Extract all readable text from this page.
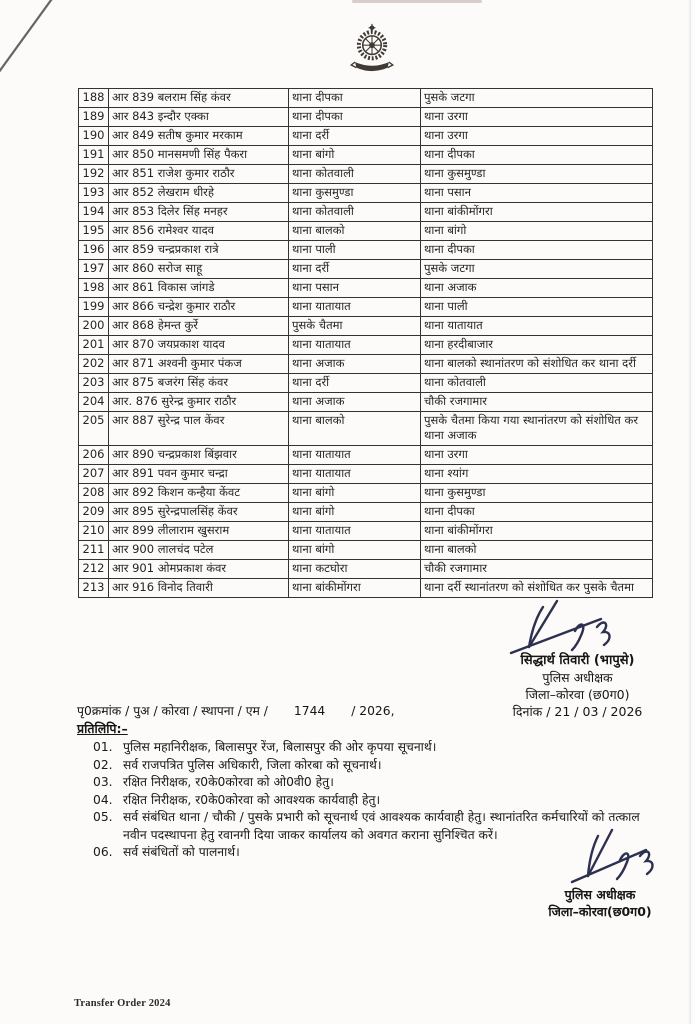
188	आर 839 बलराम सिंह कंवर	थाना दीपका	पुसके जटगा
189	आर 843 इन्दौर एक्का	थाना दीपका	थाना उरगा
190	आर 849 सतीष कुमार मरकाम	थाना दर्री	थाना उरगा
191	आर 850 मानसमणी सिंह पैकरा	थाना बांगो	थाना दीपका
192	आर 851 राजेश कुमार राठौर	थाना कोतवाली	थाना कुसमुण्डा
193	आर 852 लेखराम धीरहे	थाना कुसमुण्डा	थाना पसान
194	आर 853 दिलेर सिंह मनहर	थाना कोतवाली	थाना बांकीमोंगरा
195	आर 856 रामेश्वर यादव	थाना बालको	थाना बांगो
196	आर 859 चन्द्रप्रकाश रात्रे	थाना पाली	थाना दीपका
197	आर 860 सरोज साहू	थाना दर्री	पुसके जटगा
198	आर 861 विकास जांगडे	थाना पसान	थाना अजाक
199	आर 866 चन्द्रेश कुमार राठौर	थाना यातायात	थाना पाली
200	आर 868 हेमन्त कुर्रे	पुसके चैतमा	थाना यातायात
201	आर 870 जयप्रकाश यादव	थाना यातायात	थाना हरदीबाजार
202	आर 871 अश्वनी कुमार पंकज	थाना अजाक	थाना बालको स्थानांतरण को संशोधित कर थाना दर्री
203	आर 875 बजरंग सिंह कंवर	थाना दर्री	थाना कोतवाली
204	आर. 876 सुरेन्द्र कुमार राठौर	थाना अजाक	चौकी रजगामार
205	आर 887 सुरेन्द्र पाल केंवर	थाना बालको	पुसके चैतमा किया गया स्थानांतरण को संशोधित कर थाना अजाक
206	आर 890 चन्द्रप्रकाश बिंझवार	थाना यातायात	थाना उरगा
207	आर 891 पवन कुमार चन्द्रा	थाना यातायात	थाना श्यांग
208	आर 892 किशन कन्हैया केंवट	थाना बांगो	थाना कुसमुण्डा
209	आर 895 सुरेन्द्रपालसिंह केंवर	थाना बांगो	थाना दीपका
210	आर 899 लीलाराम खुसराम	थाना यातायात	थाना बांकीमोंगरा
211	आर 900 लालचंद पटेल	थाना बांगो	थाना बालको
212	आर 901 ओमप्रकाश कंवर	थाना कटघोरा	चौकी रजगामार
213	आर 916 विनोद तिवारी	थाना बांकीमोंगरा	थाना दर्री स्थानांतरण को संशोधित कर पुसके चैतमा
सिद्धार्थ तिवारी (भापुसे)
पुलिस अधीक्षक
जिला–कोरवा (छ0ग0)
दिनांक / 21 / 03 / 2026
पृ0क्रमांक / पुअ / कोरवा / स्थापना / एम / 1744 / 2026,
प्रतिलिपि:–
01. पुलिस महानिरीक्षक, बिलासपुर रेंज, बिलासपुर की ओर कृपया सूचनार्थ।
02. सर्व राजपत्रित पुलिस अधिकारी, जिला कोरबा को सूचनार्थ।
03. रक्षित निरीक्षक, र0के0कोरवा को ओ0वी0 हेतु।
04. रक्षित निरीक्षक, र0के0कोरवा को आवश्यक कार्यवाही हेतु।
05. सर्व संबंधित थाना / चौकी / पुसके प्रभारी को सूचनार्थ एवं आवश्यक कार्यवाही हेतु। स्थानांतरित कर्मचारियों को तत्काल नवीन पदस्थापना हेतु रवानगी दिया जाकर कार्यालय को अवगत कराना सुनिश्चित करें।
06. सर्व संबंधितों को पालनार्थ।
पुलिस अधीक्षक
जिला–कोरवा(छ0ग0)
Transfer Order 2024
